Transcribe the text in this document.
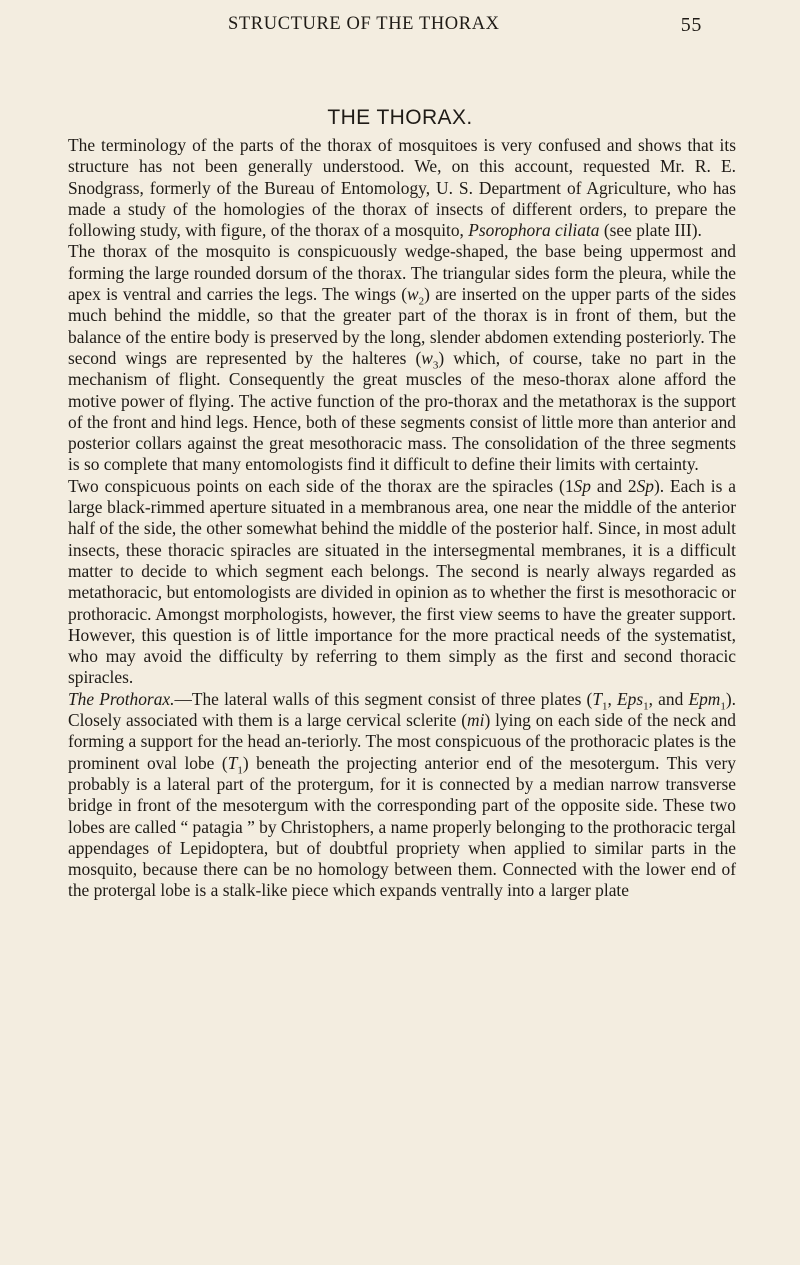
STRUCTURE OF THE THORAX	55
THE THORAX.

The terminology of the parts of the thorax of mosquitoes is very confused and shows that its structure has not been generally understood. We, on this account, requested Mr. R. E. Snodgrass, formerly of the Bureau of Entomology, U. S. Department of Agriculture, who has made a study of the homologies of the thorax of insects of different orders, to prepare the following study, with figure, of the thorax of a mosquito, Psorophora ciliata (see plate III).

The thorax of the mosquito is conspicuously wedge-shaped, the base being uppermost and forming the large rounded dorsum of the thorax. The triangular sides form the pleura, while the apex is ventral and carries the legs. The wings $(w_2)$ are inserted on the upper parts of the sides much behind the middle, so that the greater part of the thorax is in front of them, but the balance of the entire body is preserved by the long, slender abdomen extending posteriorly. The second wings are represented by the halteres $(w_3)$ which, of course, take no part in the mechanism of flight. Consequently the great muscles of the meso-thorax alone afford the motive power of flying. The active function of the pro-thorax and the metathorax is the support of the front and hind legs. Hence, both of these segments consist of little more than anterior and posterior collars against the great mesothoracic mass. The consolidation of the three segments is so complete that many entomologists find it difficult to define their limits with certainty.

Two conspicuous points on each side of the thorax are the spiracles (1Sp and 2Sp). Each is a large black-rimmed aperture situated in a membranous area, one near the middle of the anterior half of the side, the other somewhat behind the middle of the posterior half. Since, in most adult insects, these thoracic spiracles are situated in the intersegmental membranes, it is a difficult matter to decide to which segment each belongs. The second is nearly always regarded as metathoracic, but entomologists are divided in opinion as to whether the first is mesothoracic or prothoracic. Amongst morphologists, however, the first view seems to have the greater support. However, this question is of little importance for the more practical needs of the systematist, who may avoid the difficulty by referring to them simply as the first and second thoracic spiracles.

The Prothorax.—The lateral walls of this segment consist of three plates ($T_1$, Eps$_1$, and Epm$_1$). Closely associated with them is a large cervical sclerite (mi) lying on each side of the neck and forming a support for the head an-teriorly. The most conspicuous of the prothoracic plates is the prominent oval lobe $(T_1)$ beneath the projecting anterior end of the mesotergum. This very probably is a lateral part of the protergum, for it is connected by a median narrow transverse bridge in front of the mesotergum with the corresponding part of the opposite side. These two lobes are called “ patagia ” by Christophers, a name properly belonging to the prothoracic tergal appendages of Lepidoptera, but of doubtful propriety when applied to similar parts in the mosquito, because there can be no homology between them. Connected with the lower end of the protergal lobe is a stalk-like piece which expands ventrally into a larger plate
